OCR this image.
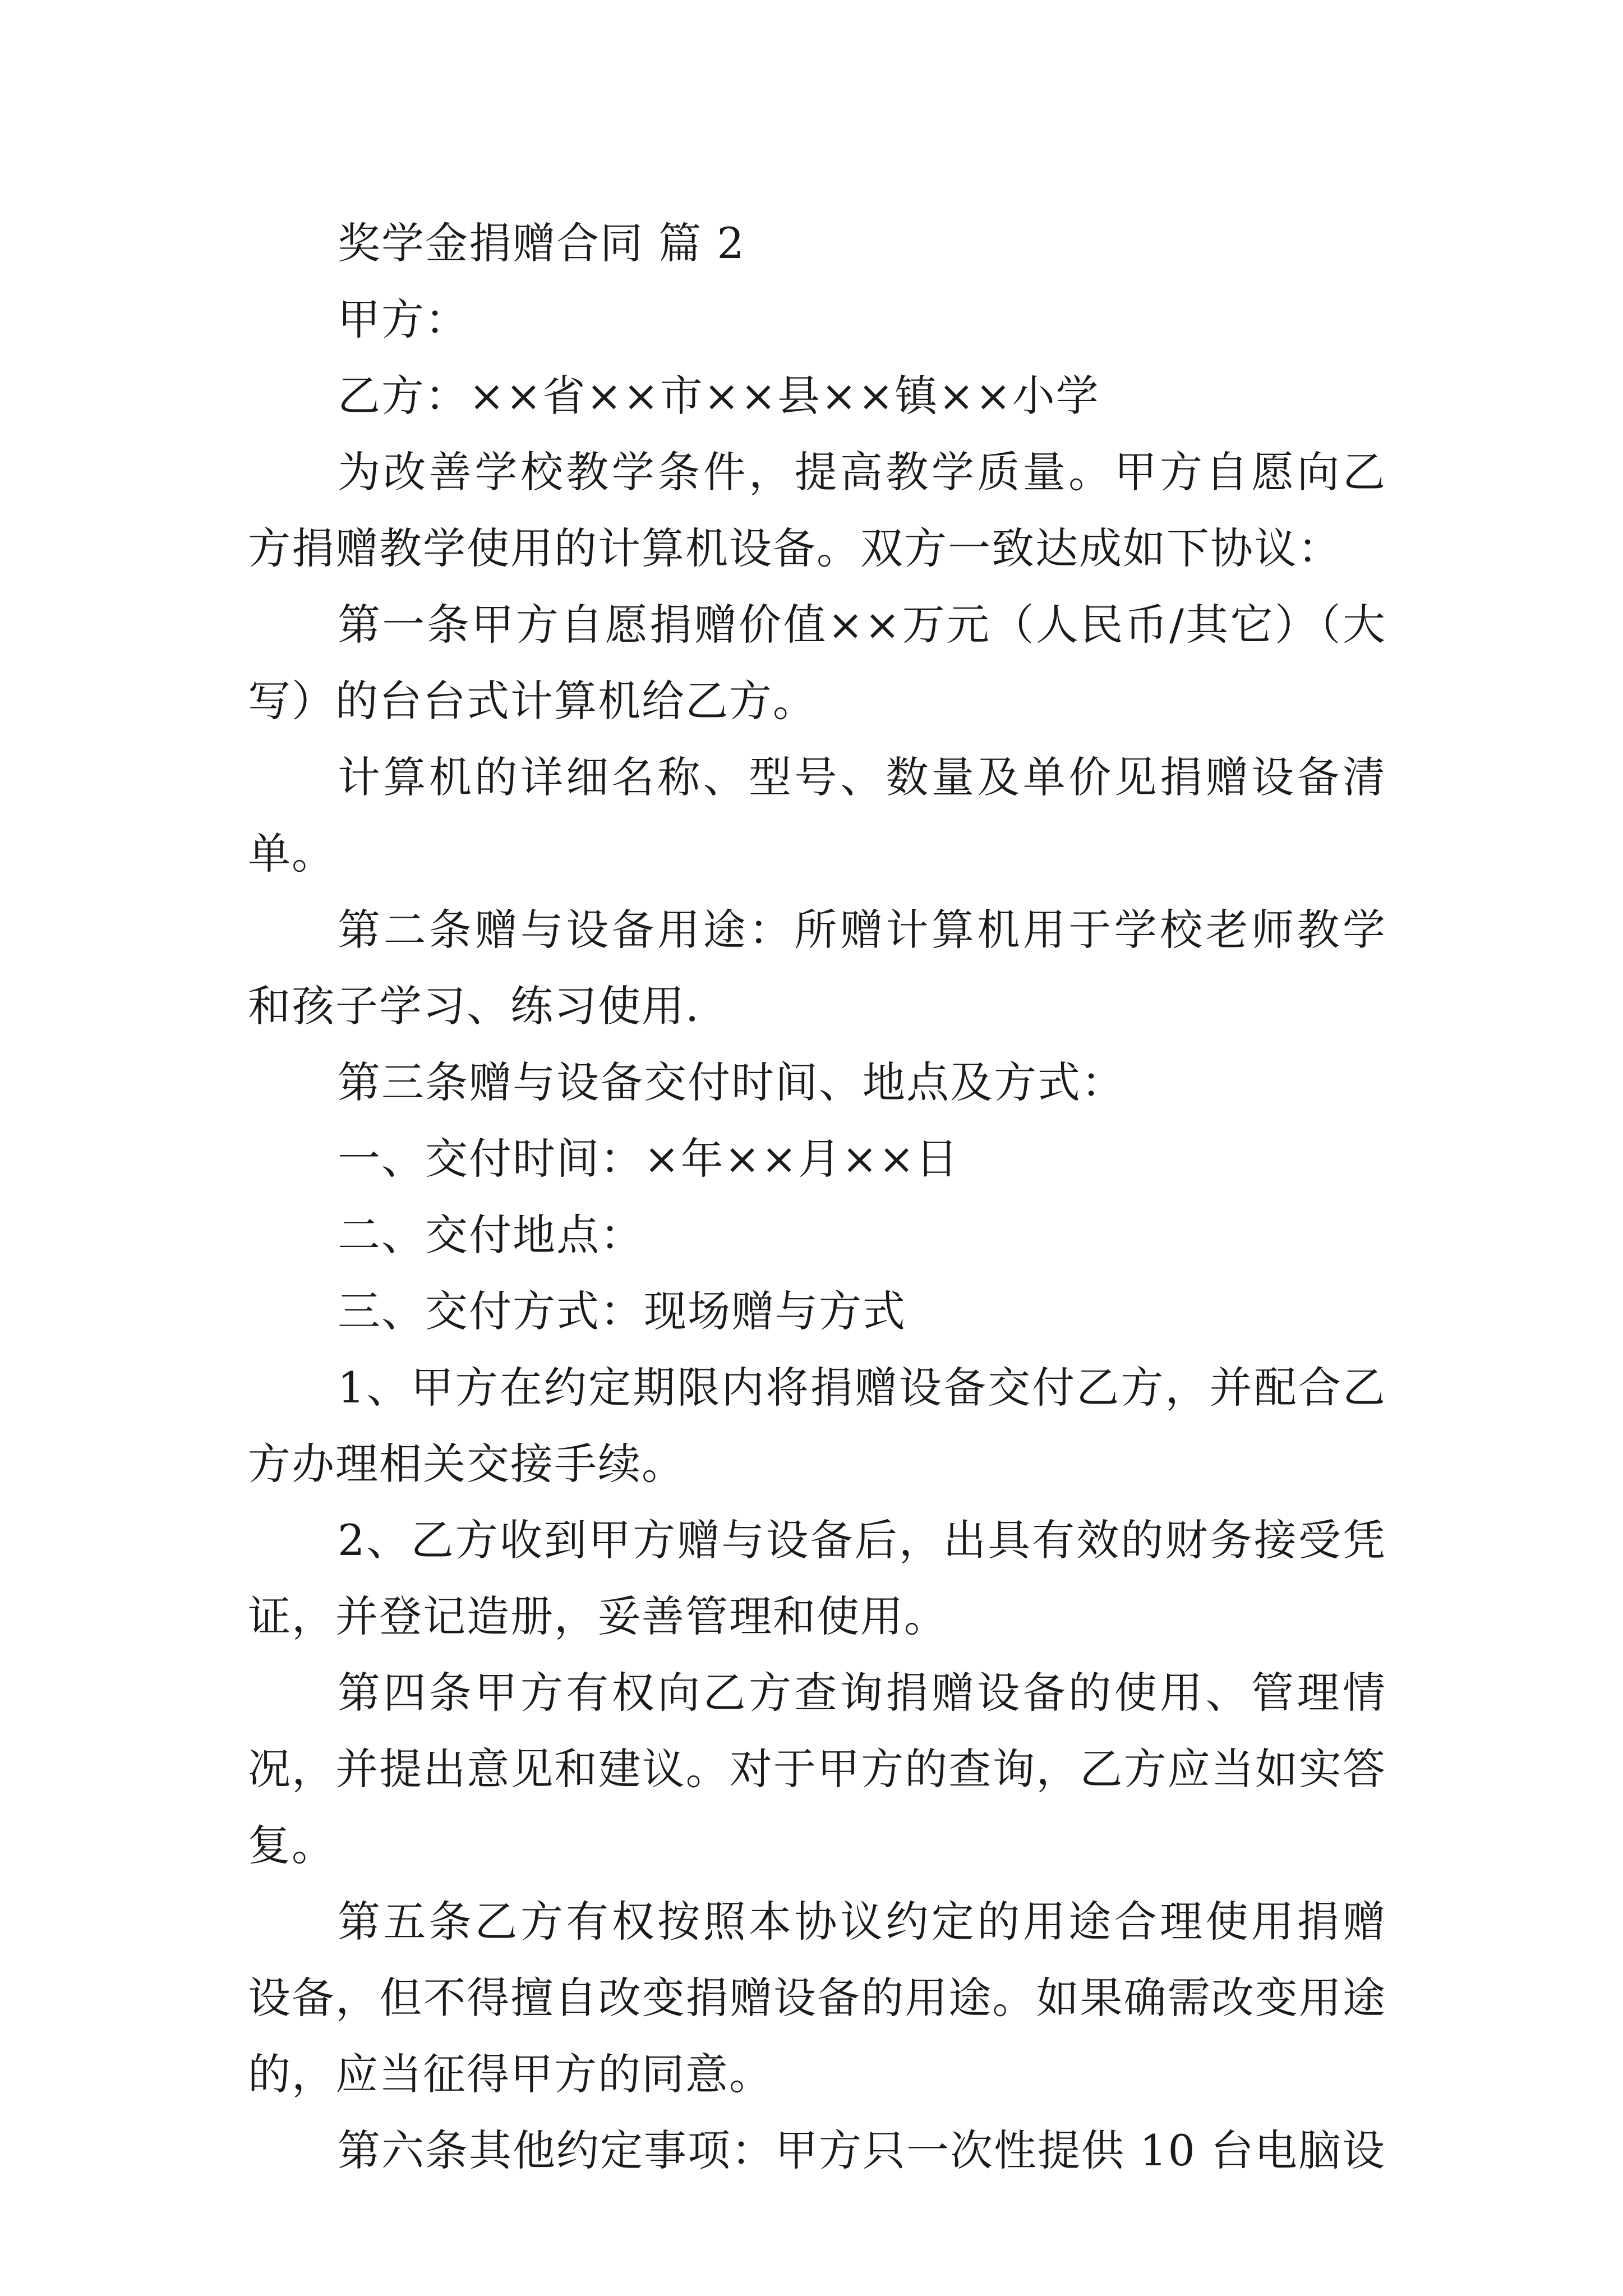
奖学金捐赠合同 篇 2

甲方：

乙方：××省××市××县××镇××小学

为改善学校教学条件，提高教学质量。甲方自愿向乙方捐赠教学使用的计算机设备。双方一致达成如下协议：

第一条甲方自愿捐赠价值××万元（人民币/其它）（大写）的台台式计算机给乙方。

计算机的详细名称、型号、数量及单价见捐赠设备清单。

第二条赠与设备用途：所赠计算机用于学校老师教学和孩子学习、练习使用.

第三条赠与设备交付时间、地点及方式：

一、交付时间：×年××月××日

二、交付地点：

三、交付方式：现场赠与方式

1、甲方在约定期限内将捐赠设备交付乙方，并配合乙方办理相关交接手续。

2、乙方收到甲方赠与设备后，出具有效的财务接受凭证，并登记造册，妥善管理和使用。

第四条甲方有权向乙方查询捐赠设备的使用、管理情况，并提出意见和建议。对于甲方的查询，乙方应当如实答复。

第五条乙方有权按照本协议约定的用途合理使用捐赠设备，但不得擅自改变捐赠设备的用途。如果确需改变用途的，应当征得甲方的同意。

第六条其他约定事项：甲方只一次性提供 10 台电脑设
